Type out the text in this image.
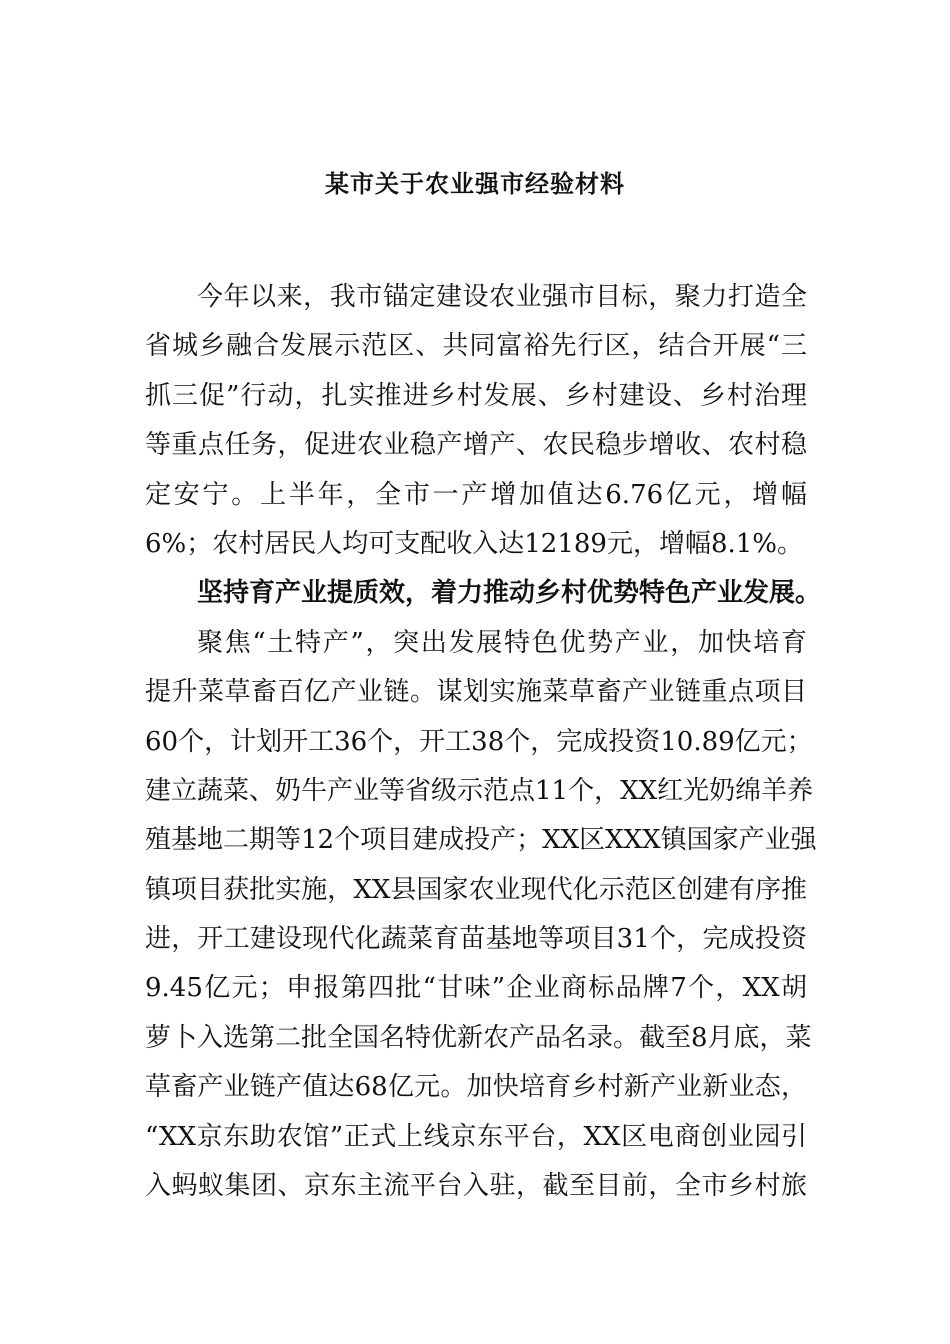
某市关于农业强市经验材料
今年以来，我市锚定建设农业强市目标，聚力打造全
省城乡融合发展示范区、共同富裕先行区，结合开展“三
抓三促”行动，扎实推进乡村发展、乡村建设、乡村治理
等重点任务，促进农业稳产增产、农民稳步增收、农村稳
定安宁。上半年，全市一产增加值达6.76亿元，增幅
6%；农村居民人均可支配收入达12189元，增幅8.1%。
坚持育产业提质效，着力推动乡村优势特色产业发展。
聚焦“土特产”，突出发展特色优势产业，加快培育
提升菜草畜百亿产业链。谋划实施菜草畜产业链重点项目
60个，计划开工36个，开工38个，完成投资10.89亿元；
建立蔬菜、奶牛产业等省级示范点11个，XX红光奶绵羊养
殖基地二期等12个项目建成投产；XX区XXX镇国家产业强
镇项目获批实施，XX县国家农业现代化示范区创建有序推
进，开工建设现代化蔬菜育苗基地等项目31个，完成投资
9.45亿元；申报第四批“甘味”企业商标品牌7个，XX胡
萝卜入选第二批全国名特优新农产品名录。截至8月底，菜
草畜产业链产值达68亿元。加快培育乡村新产业新业态，
“XX京东助农馆”正式上线京东平台，XX区电商创业园引
入蚂蚁集团、京东主流平台入驻，截至目前，全市乡村旅
